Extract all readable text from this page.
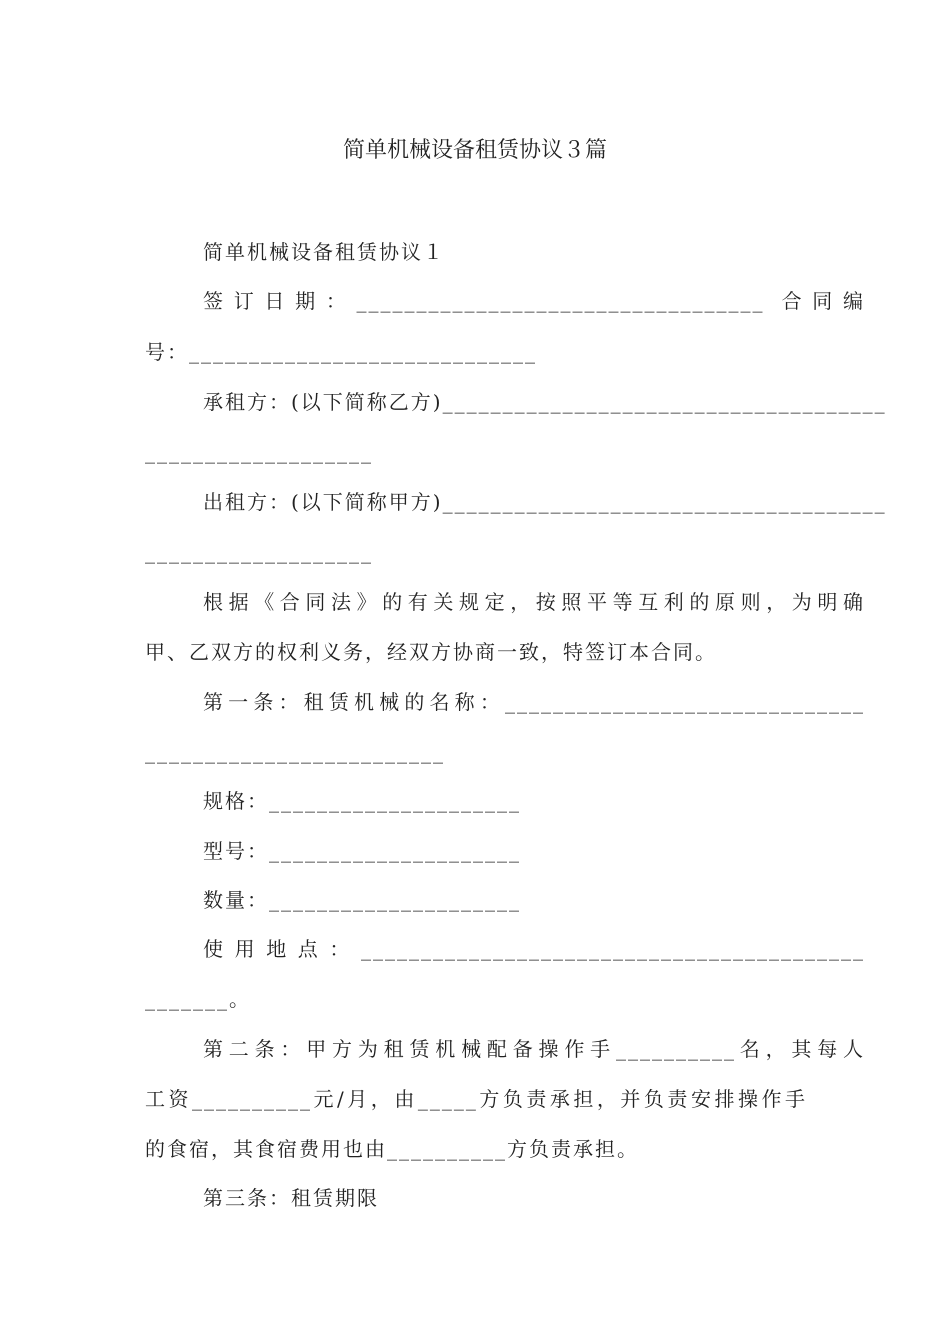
简单机械设备租赁协议３篇
简单机械设备租赁协议１
签订日期：__________________________________ 合同编
号：_____________________________
承租方：(以下简称乙方)_____________________________________
___________________
出租方：(以下简称甲方)_____________________________________
___________________
根据《合同法》的有关规定，按照平等互利的原则，为明确
甲、乙双方的权利义务，经双方协商一致，特签订本合同。
第一条：租赁机械的名称：______________________________
_________________________
规格：_____________________
型号：_____________________
数量：_____________________
使用地点：__________________________________________
_______。
第二条：甲方为租赁机械配备操作手__________名，其每人
工资__________元/月，由_____方负责承担，并负责安排操作手
的食宿，其食宿费用也由__________方负责承担。
第三条：租赁期限
